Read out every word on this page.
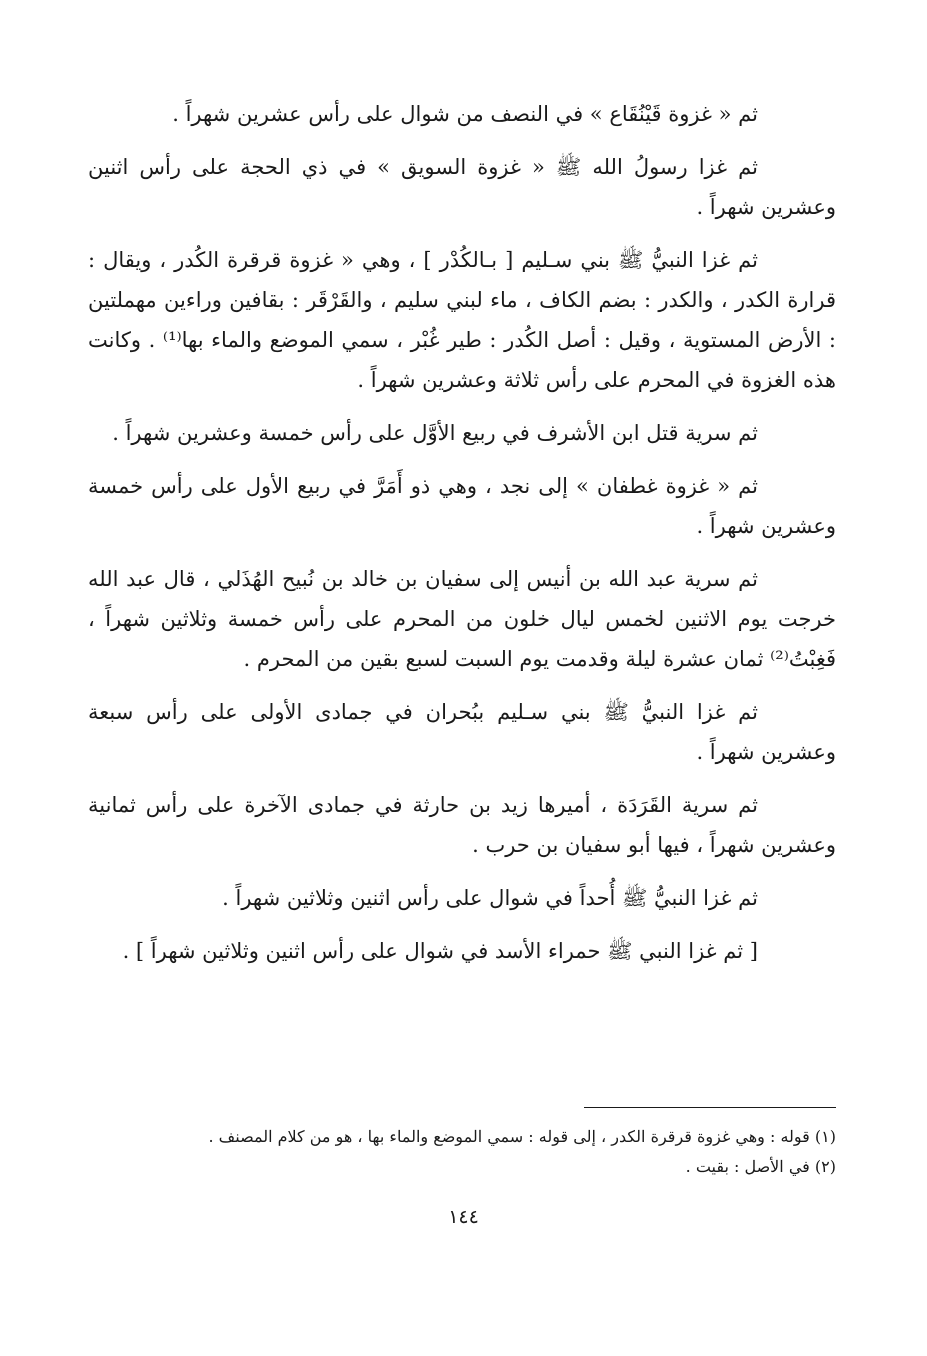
ثم « غزوة قَيْنُقَاع » في النصف من شوال على رأس عشرين شهراً .

ثم غزا رسولُ الله ﷺ « غزوة السويق » في ذي الحجة على رأس اثنين وعشرين شهراً .

ثم غزا النبيُّ ﷺ بني سـليم [ بـالكُدْر ] ، وهي « غزوة قرقرة الكُدر ، ويقال : قرارة الكدر ، والكدر : بضم الكاف ، ماء لبني سليم ، والقَرْقَر : بقافين وراءين مهملتين : الأرض المستوية ، وقيل : أصل الكُدر : طير غُبْر ، سمي الموضع والماء بها⁽¹⁾ . وكانت هذه الغزوة في المحرم على رأس ثلاثة وعشرين شهراً .

ثم سرية قتل ابن الأشرف في ربيع الأوَّل على رأس خمسة وعشرين شهراً .

ثم « غزوة غطفان » إلى نجد ، وهي ذو أَمَرَّ في ربيع الأول على رأس خمسة وعشرين شهراً .

ثم سرية عبد الله بن أنيس إلى سفيان بن خالد بن نُبيح الهُذَلي ، قال عبد الله خرجت يوم الاثنين لخمس ليال خلون من المحرم على رأس خمسة وثلاثين شهراً ، فَغِبْتُ⁽²⁾ ثمان عشرة ليلة وقدمت يوم السبت لسبع بقين من المحرم .

ثم غزا النبيُّ ﷺ بني سـليم ببُحران في جمادى الأولى على رأس سبعة وعشرين شهراً .

ثم سرية القَرَدَة ، أميرها زيد بن حارثة في جمادى الآخرة على رأس ثمانية وعشرين شهراً ، فيها أبو سفيان بن حرب .

ثم غزا النبيُّ ﷺ أُحداً في شوال على رأس اثنين وثلاثين شهراً .

[ ثم غزا النبي ﷺ حمراء الأسد في شوال على رأس اثنين وثلاثين شهراً ] .

(١) قوله : وهي غزوة قرقرة الكدر ، إلى قوله : سمي الموضع والماء بها ، هو من كلام المصنف .

(٢) في الأصل : بقيت .

١٤٤
